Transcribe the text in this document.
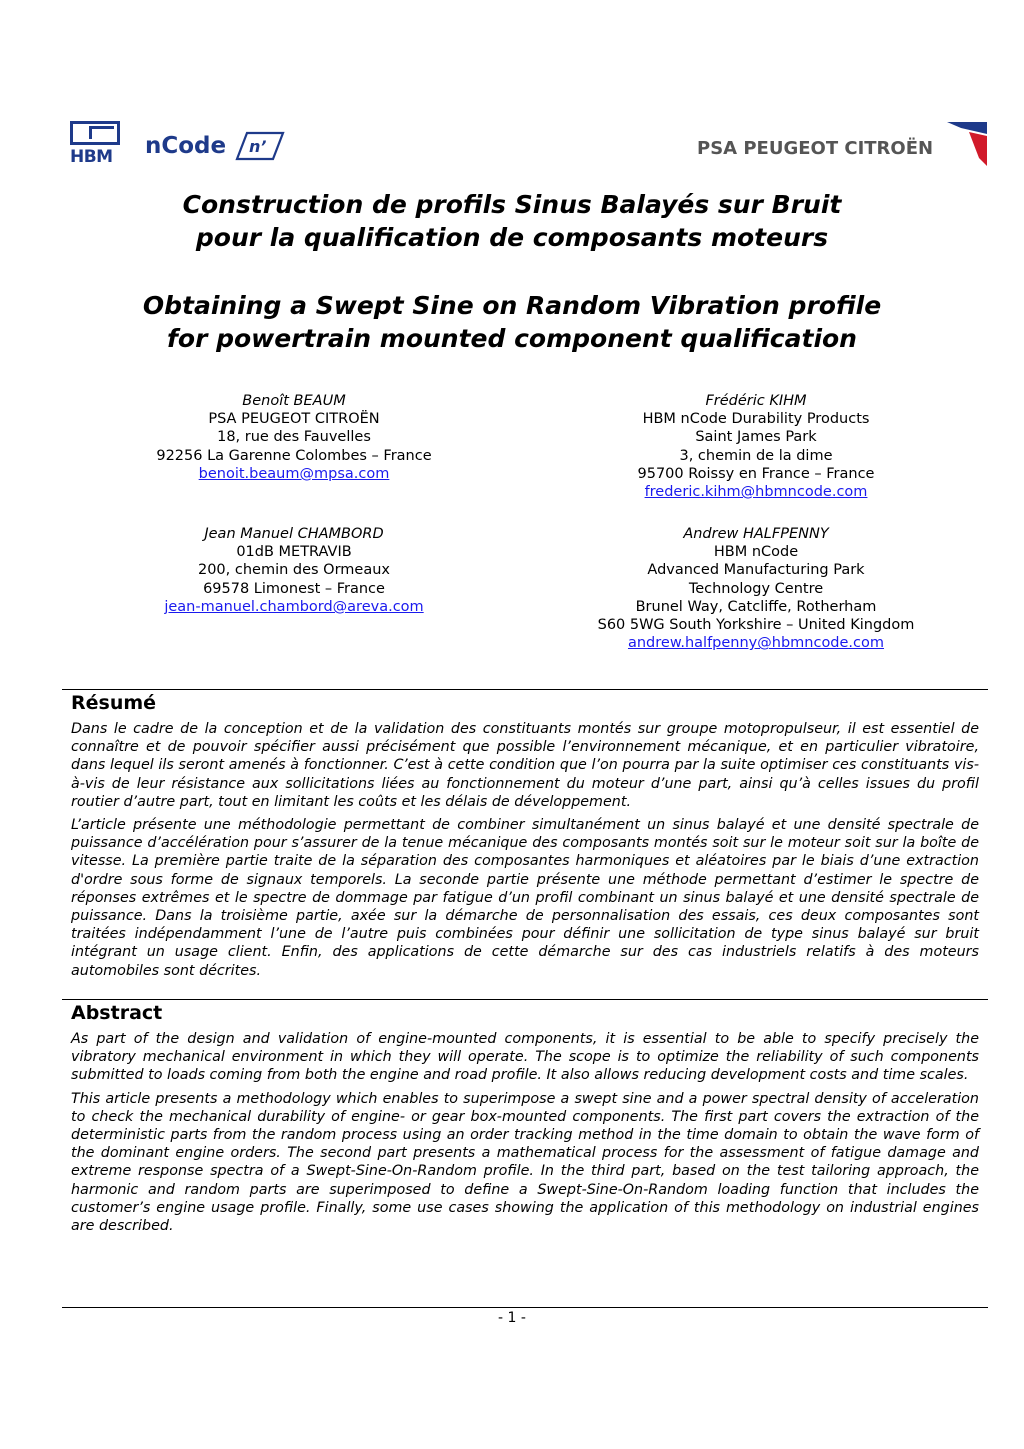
HBM nCode n’	PSA PEUGEOT CITROËN

Construction de profils Sinus Balayés sur Bruit

pour la qualification de composants moteurs

Obtaining a Swept Sine on Random Vibration profile

for powertrain mounted component qualification

Benoît BEAUM
PSA PEUGEOT CITROËN
18, rue des Fauvelles
92256 La Garenne Colombes – France
benoit.beaum@mpsa.com
Frédéric KIHM
HBM nCode Durability Products
Saint James Park
3, chemin de la dime
95700 Roissy en France – France
frederic.kihm@hbmncode.com
Jean Manuel CHAMBORD
01dB METRAVIB
200, chemin des Ormeaux
69578 Limonest – France
jean-manuel.chambord@areva.com
Andrew HALFPENNY
HBM nCode
Advanced Manufacturing Park
Technology Centre
Brunel Way, Catcliffe, Rotherham
S60 5WG South Yorkshire – United Kingdom
andrew.halfpenny@hbmncode.com
Résumé

Dans le cadre de la conception et de la validation des constituants montés sur groupe motopropulseur, il est essentiel de connaître et de pouvoir spécifier aussi précisément que possible l’environnement mécanique, et en particulier vibratoire, dans lequel ils seront amenés à fonctionner. C’est à cette condition que l’on pourra par la suite optimiser ces constituants vis-à-vis de leur résistance aux sollicitations liées au fonctionnement du moteur d’une part, ainsi qu’à celles issues du profil routier d’autre part, tout en limitant les coûts et les délais de développement.

L’article présente une méthodologie permettant de combiner simultanément un sinus balayé et une densité spectrale de puissance d’accélération pour s’assurer de la tenue mécanique des composants montés soit sur le moteur soit sur la boîte de vitesse. La première partie traite de la séparation des composantes harmoniques et aléatoires par le biais d’une extraction d'ordre sous forme de signaux temporels. La seconde partie présente une méthode permettant d’estimer le spectre de réponses extrêmes et le spectre de dommage par fatigue d’un profil combinant un sinus balayé et une densité spectrale de puissance. Dans la troisième partie, axée sur la démarche de personnalisation des essais, ces deux composantes sont traitées indépendamment l’une de l’autre puis combinées pour définir une sollicitation de type sinus balayé sur bruit intégrant un usage client. Enfin, des applications de cette démarche sur des cas industriels relatifs à des moteurs automobiles sont décrites.

Abstract

As part of the design and validation of engine-mounted components, it is essential to be able to specify precisely the vibratory mechanical environment in which they will operate. The scope is to optimize the reliability of such components submitted to loads coming from both the engine and road profile. It also allows reducing development costs and time scales.

This article presents a methodology which enables to superimpose a swept sine and a power spectral density of acceleration to check the mechanical durability of engine- or gear box-mounted components. The first part covers the extraction of the deterministic parts from the random process using an order tracking method in the time domain to obtain the wave form of the dominant engine orders. The second part presents a mathematical process for the assessment of fatigue damage and extreme response spectra of a Swept-Sine-On-Random profile. In the third part, based on the test tailoring approach, the harmonic and random parts are superimposed to define a Swept-Sine-On-Random loading function that includes the customer’s engine usage profile. Finally, some use cases showing the application of this methodology on industrial engines are described.

- 1 -
